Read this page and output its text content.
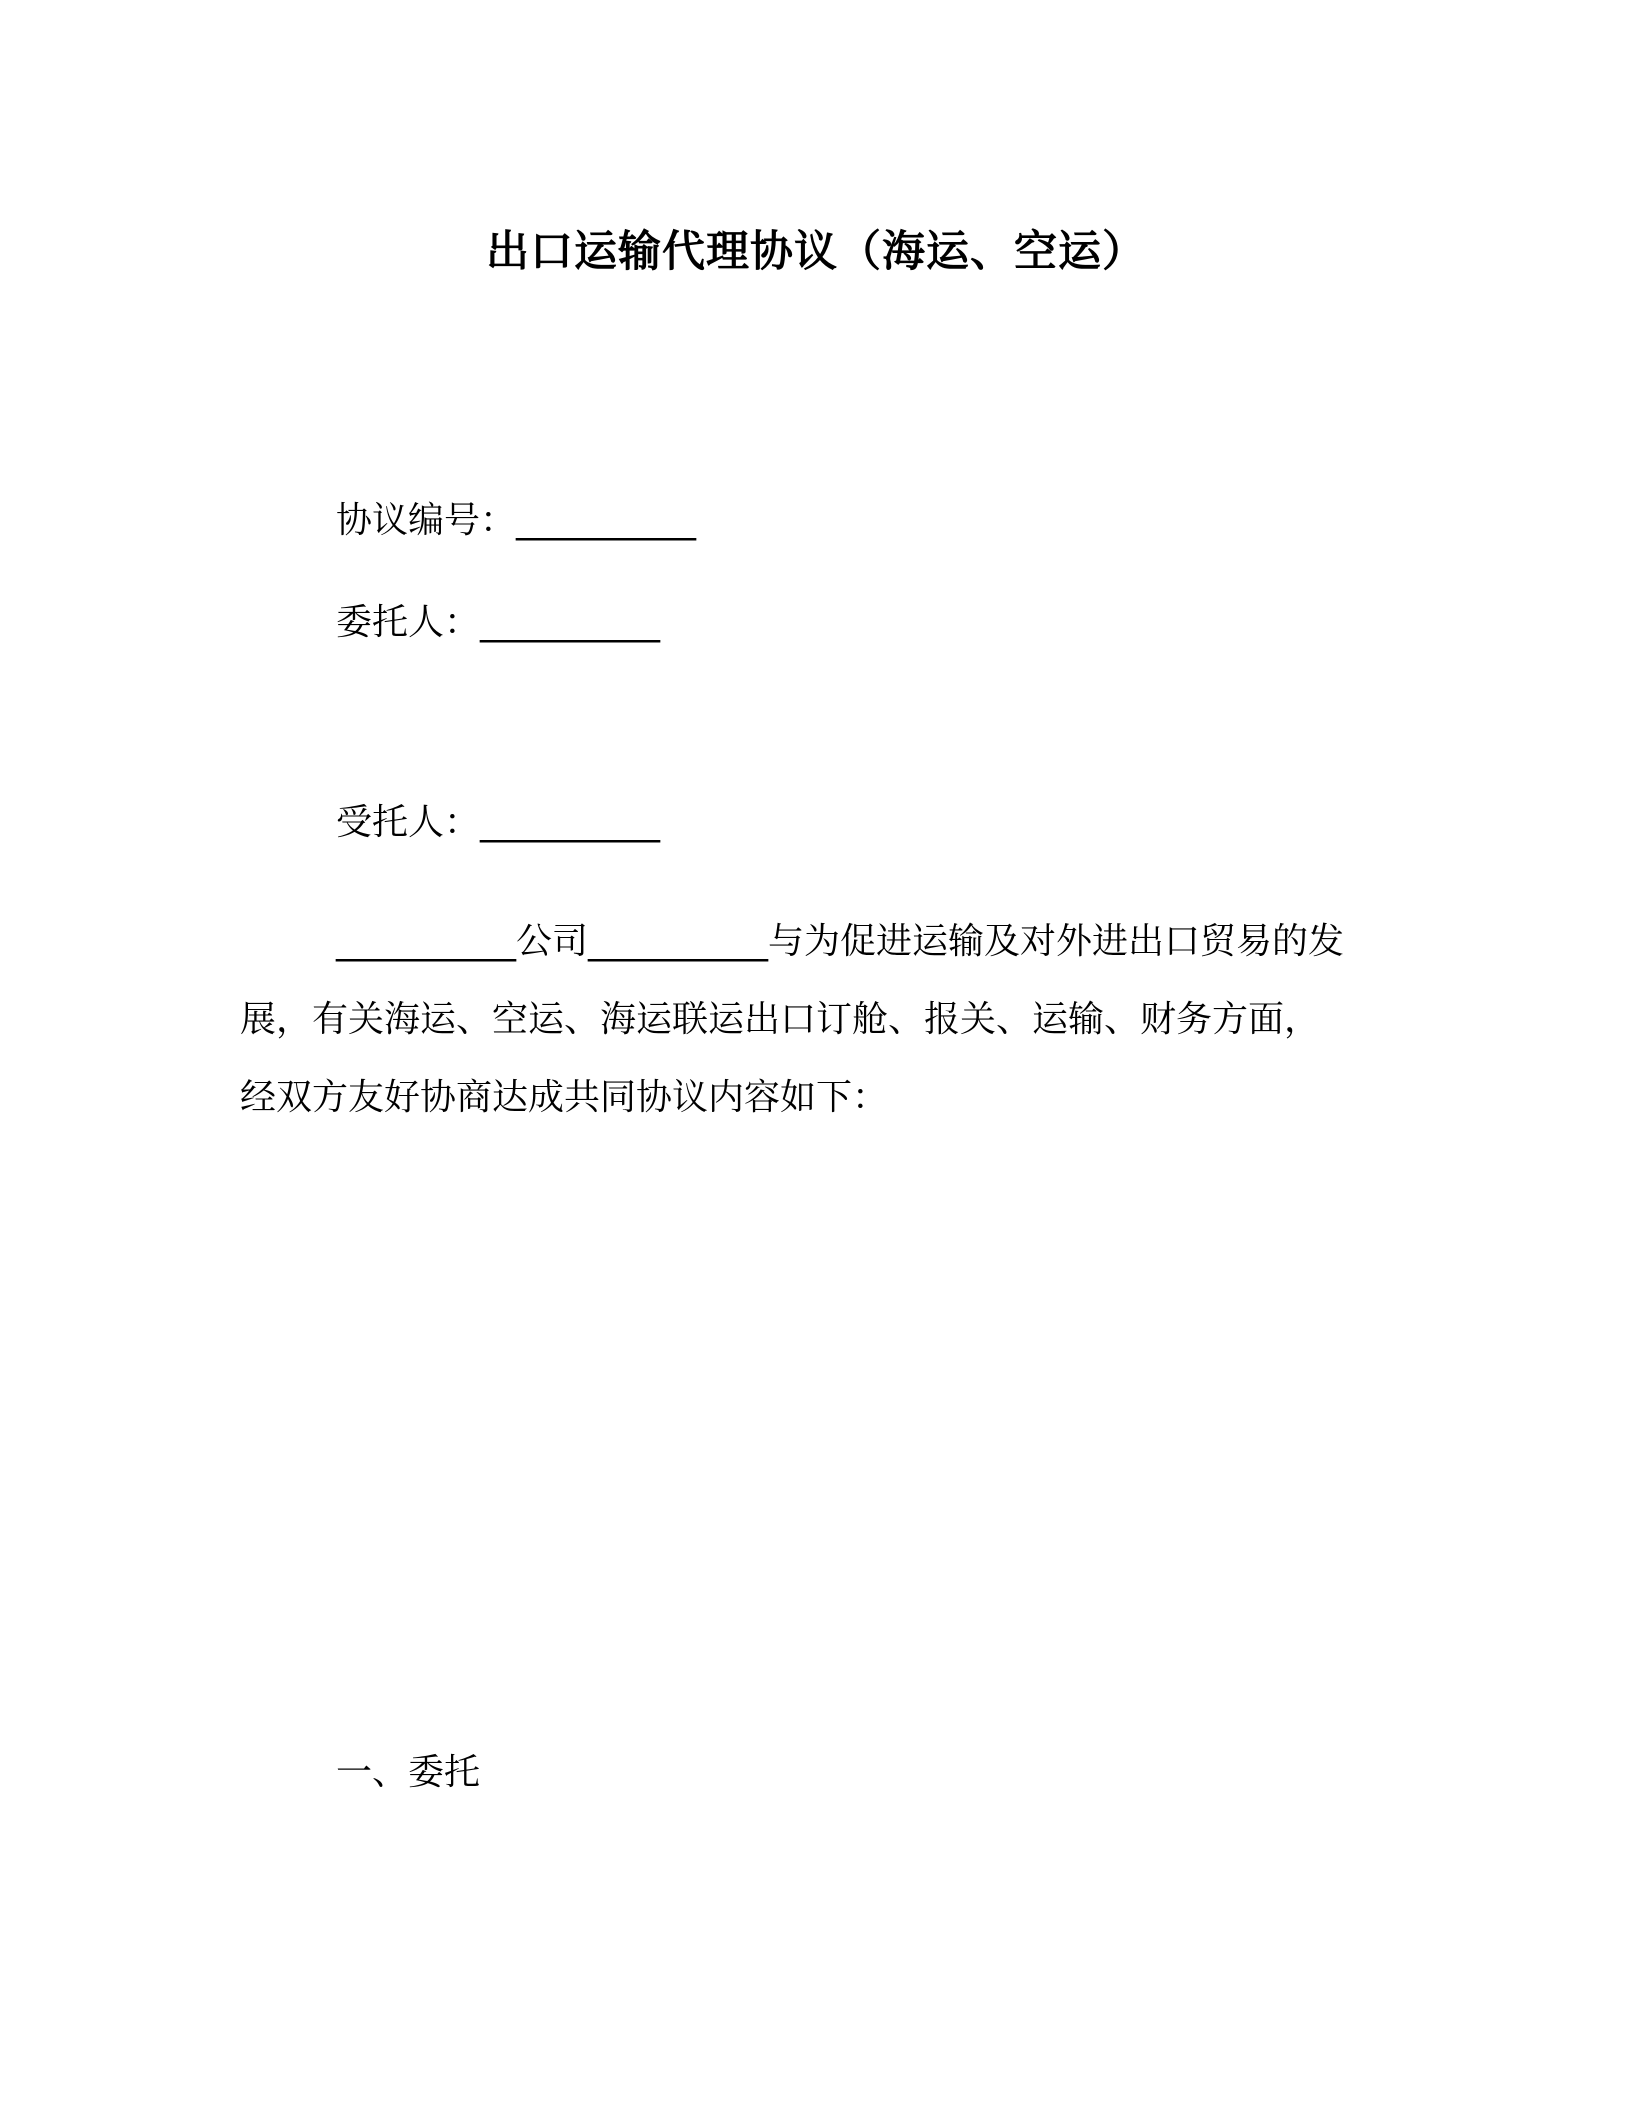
出口运输代理协议（海运、空运）
协议编号：__________
委托人：__________
受托人：__________
__________公司__________与为促进运输及对外进出口贸易的发
展，有关海运、空运、海运联运出口订舱、报关、运输、财务方面，
经双方友好协商达成共同协议内容如下：
一、委托
